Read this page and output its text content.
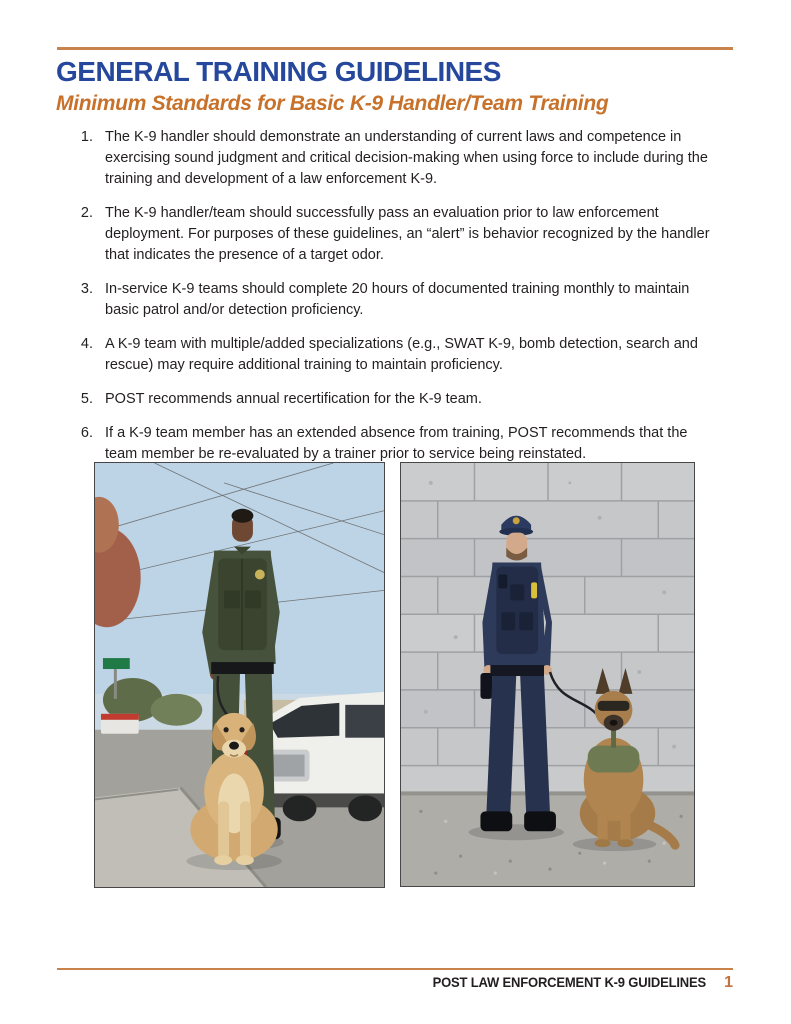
GENERAL TRAINING GUIDELINES
Minimum Standards for Basic K-9 Handler/Team Training
1. The K-9 handler should demonstrate an understanding of current laws and competence in exercising sound judgment and critical decision-making when using force to include during the training and development of a law enforcement K-9.
2. The K-9 handler/team should successfully pass an evaluation prior to law enforcement deployment. For purposes of these guidelines, an “alert” is behavior recognized by the handler that indicates the presence of a target odor.
3. In-service K-9 teams should complete 20 hours of documented training monthly to maintain basic patrol and/or detection proficiency.
4. A K-9 team with multiple/added specializations (e.g., SWAT K-9, bomb detection, search and rescue) may require additional training to maintain proficiency.
5. POST recommends annual recertification for the K-9 team.
6. If a K-9 team member has an extended absence from training, POST recommends that the team member be re-evaluated by a trainer prior to service being reinstated.
POST LAW ENFORCEMENT K-9 GUIDELINES 1
